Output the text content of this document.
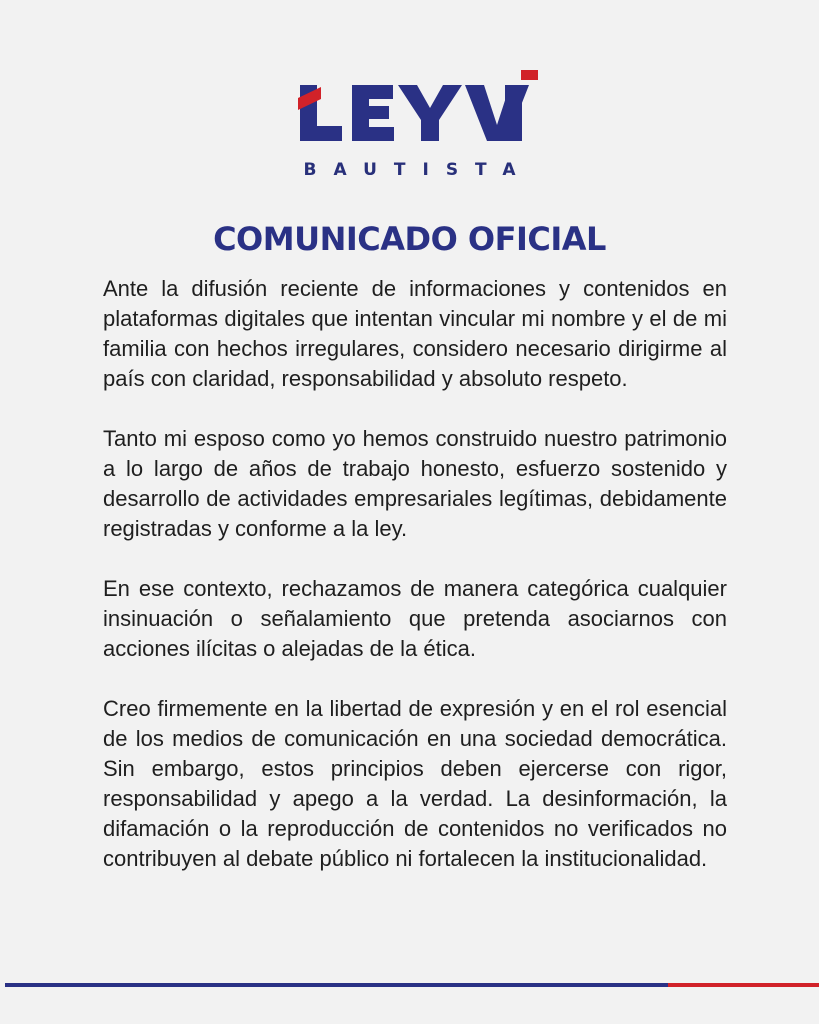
BAUTISTA
COMUNICADO OFICIAL

Ante la difusión reciente de informaciones y contenidos en plataformas digitales que intentan vincular mi nombre y el de mi familia con hechos irregulares, considero necesario dirigirme al país con claridad, responsabilidad y absoluto respeto.

Tanto mi esposo como yo hemos construido nuestro patrimonio a lo largo de años de trabajo honesto, esfuerzo sostenido y desarrollo de actividades empresariales legítimas, debidamente registradas y conforme a la ley.

En ese contexto, rechazamos de manera categórica cualquier insinuación o señalamiento que pretenda asociarnos con acciones ilícitas o alejadas de la ética.

Creo firmemente en la libertad de expresión y en el rol esencial de los medios de comunicación en una sociedad democrática. Sin embargo, estos principios deben ejercerse con rigor, responsabilidad y apego a la verdad. La desinformación, la difamación o la reproducción de contenidos no verificados no contribuyen al debate público ni fortalecen la institucionalidad.
